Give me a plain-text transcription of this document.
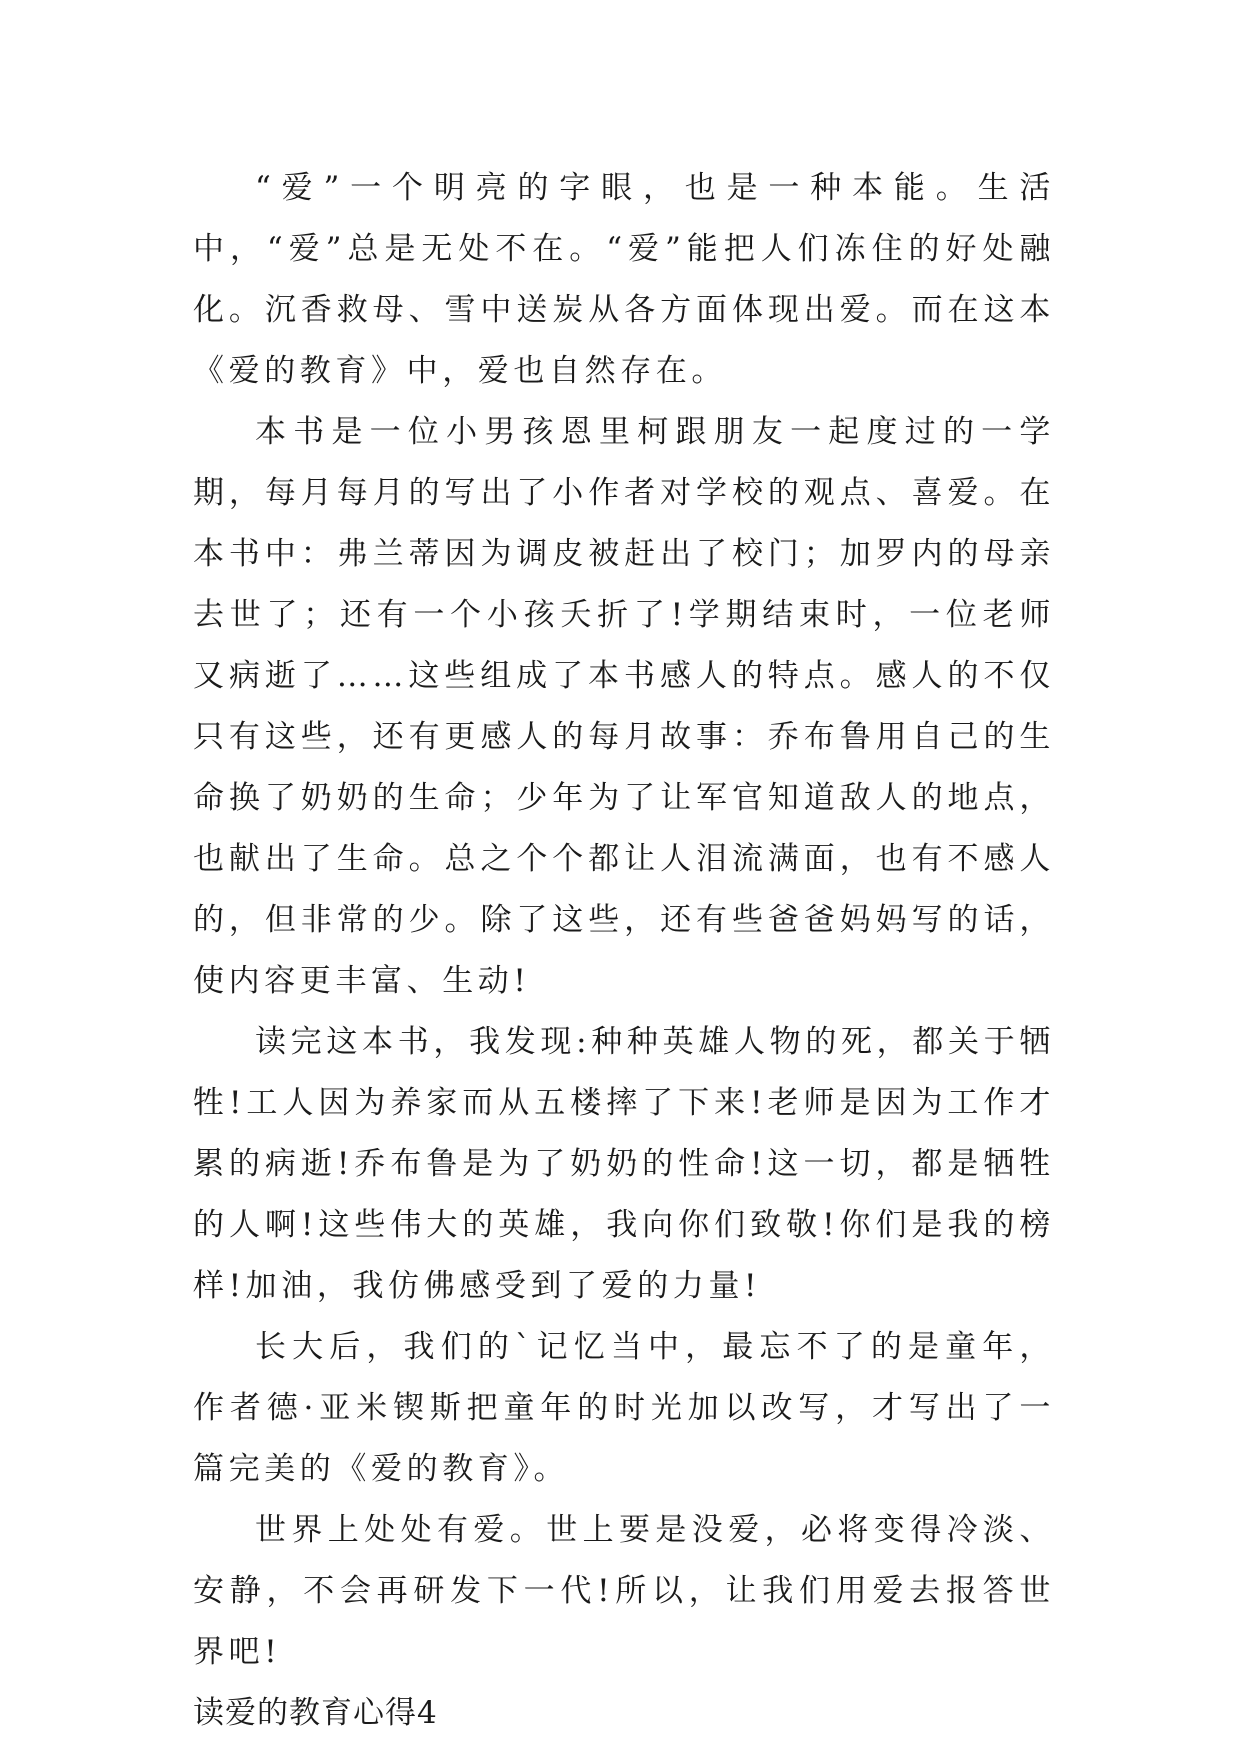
“爱”一个明亮的字眼，也是一种本能。生活中，“爱”总是无处不在。“爱”能把人们冻住的好处融化。沉香救母、雪中送炭从各方面体现出爱。而在这本《爱的教育》中，爱也自然存在。

本书是一位小男孩恩里柯跟朋友一起度过的一学期，每月每月的写出了小作者对学校的观点、喜爱。在本书中：弗兰蒂因为调皮被赶出了校门；加罗内的母亲去世了；还有一个小孩夭折了!学期结束时，一位老师又病逝了……这些组成了本书感人的特点。感人的不仅只有这些，还有更感人的每月故事：乔布鲁用自己的生命换了奶奶的生命；少年为了让军官知道敌人的地点，也献出了生命。总之个个都让人泪流满面，也有不感人的，但非常的少。除了这些，还有些爸爸妈妈写的话，使内容更丰富、生动!

读完这本书，我发现:种种英雄人物的死，都关于牺牲!工人因为养家而从五楼摔了下来!老师是因为工作才累的病逝!乔布鲁是为了奶奶的性命!这一切，都是牺牲的人啊!这些伟大的英雄，我向你们致敬!你们是我的榜样!加油，我仿佛感受到了爱的力量!

长大后，我们的`记忆当中，最忘不了的是童年，作者德·亚米锲斯把童年的时光加以改写，才写出了一篇完美的《爱的教育》。

世界上处处有爱。世上要是没爱，必将变得冷淡、安静，不会再研发下一代!所以，让我们用爱去报答世界吧!

读爱的教育心得4
